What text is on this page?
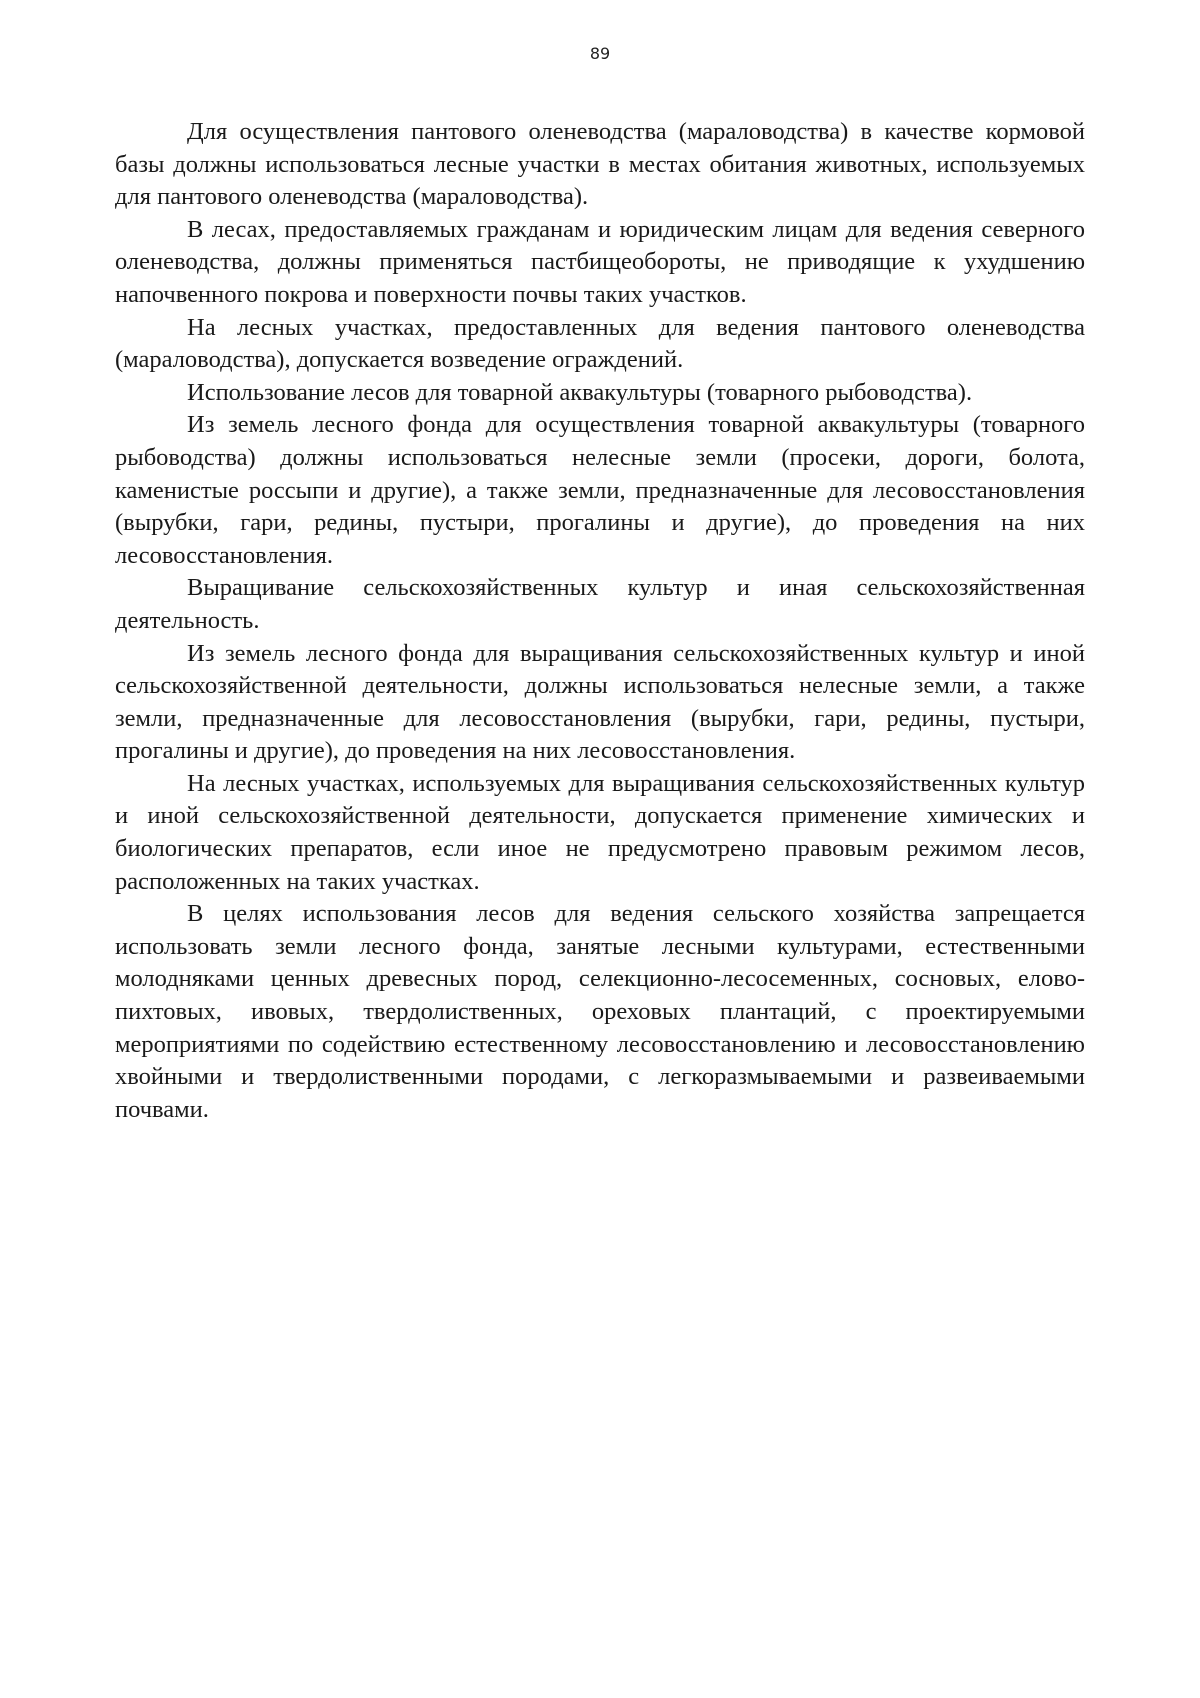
89

Для осуществления пантового оленеводства (мараловодства) в качестве кормовой базы должны использоваться лесные участки в местах обитания животных, используемых для пантового оленеводства (мараловодства).

В лесах, предоставляемых гражданам и юридическим лицам для ведения северного оленеводства, должны применяться пастбищеобороты, не приводящие к ухудшению напочвенного покрова и поверхности почвы таких участков.

На лесных участках, предоставленных для ведения пантового оленеводства (мараловодства), допускается возведение ограждений.

Использование лесов для товарной аквакультуры (товарного рыбоводства).

Из земель лесного фонда для осуществления товарной аквакультуры (товарного рыбоводства) должны использоваться нелесные земли (просеки, дороги, болота, каменистые россыпи и другие), а также земли, предназначенные для лесовосстановления (вырубки, гари, редины, пустыри, прогалины и другие), до проведения на них лесовосстановления.

Выращивание сельскохозяйственных культур и иная сельскохозяйственная деятельность.

Из земель лесного фонда для выращивания сельскохозяйственных культур и иной сельскохозяйственной деятельности, должны использоваться нелесные земли, а также земли, предназначенные для лесовосстановления (вырубки, гари, редины, пустыри, прогалины и другие), до проведения на них лесовосстановления.

На лесных участках, используемых для выращивания сельскохозяйственных культур и иной сельскохозяйственной деятельности, допускается применение химических и биологических препаратов, если иное не предусмотрено правовым режимом лесов, расположенных на таких участках.

В целях использования лесов для ведения сельского хозяйства запрещается использовать земли лесного фонда, занятые лесными культурами, естественными молодняками ценных древесных пород, селекционно-лесосеменных, сосновых, елово-пихтовых, ивовых, твердолиственных, ореховых плантаций, с проектируемыми мероприятиями по содействию естественному лесовосстановлению и лесовосстановлению хвойными и твердолиственными породами, с легкоразмываемыми и развеиваемыми почвами.
